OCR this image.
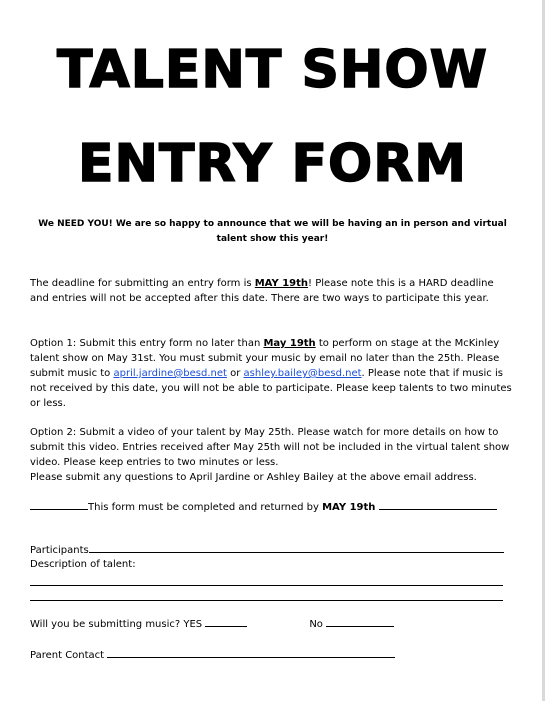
TALENT SHOW
ENTRY FORM
We NEED YOU! We are so happy to announce that we will be having an in person and virtual talent show this year!

The deadline for submitting an entry form is MAY 19th! Please note this is a HARD deadline and entries will not be accepted after this date. There are two ways to participate this year.

Option 1: Submit this entry form no later than May 19th to perform on stage at the McKinley talent show on May 31st. You must submit your music by email no later than the 25th. Please submit music to april.jardine@besd.net or ashley.bailey@besd.net. Please note that if music is not received by this date, you will not be able to participate. Please keep talents to two minutes or less.

Option 2: Submit a video of your talent by May 25th. Please watch for more details on how to submit this video. Entries received after May 25th will not be included in the virtual talent show video. Please keep entries to two minutes or less.
Please submit any questions to April Jardine or Ashley Bailey at the above email address.

This form must be completed and returned by MAY 19th
Participants
Description of talent:
Will you be submitting music? YES	No
Parent Contact
